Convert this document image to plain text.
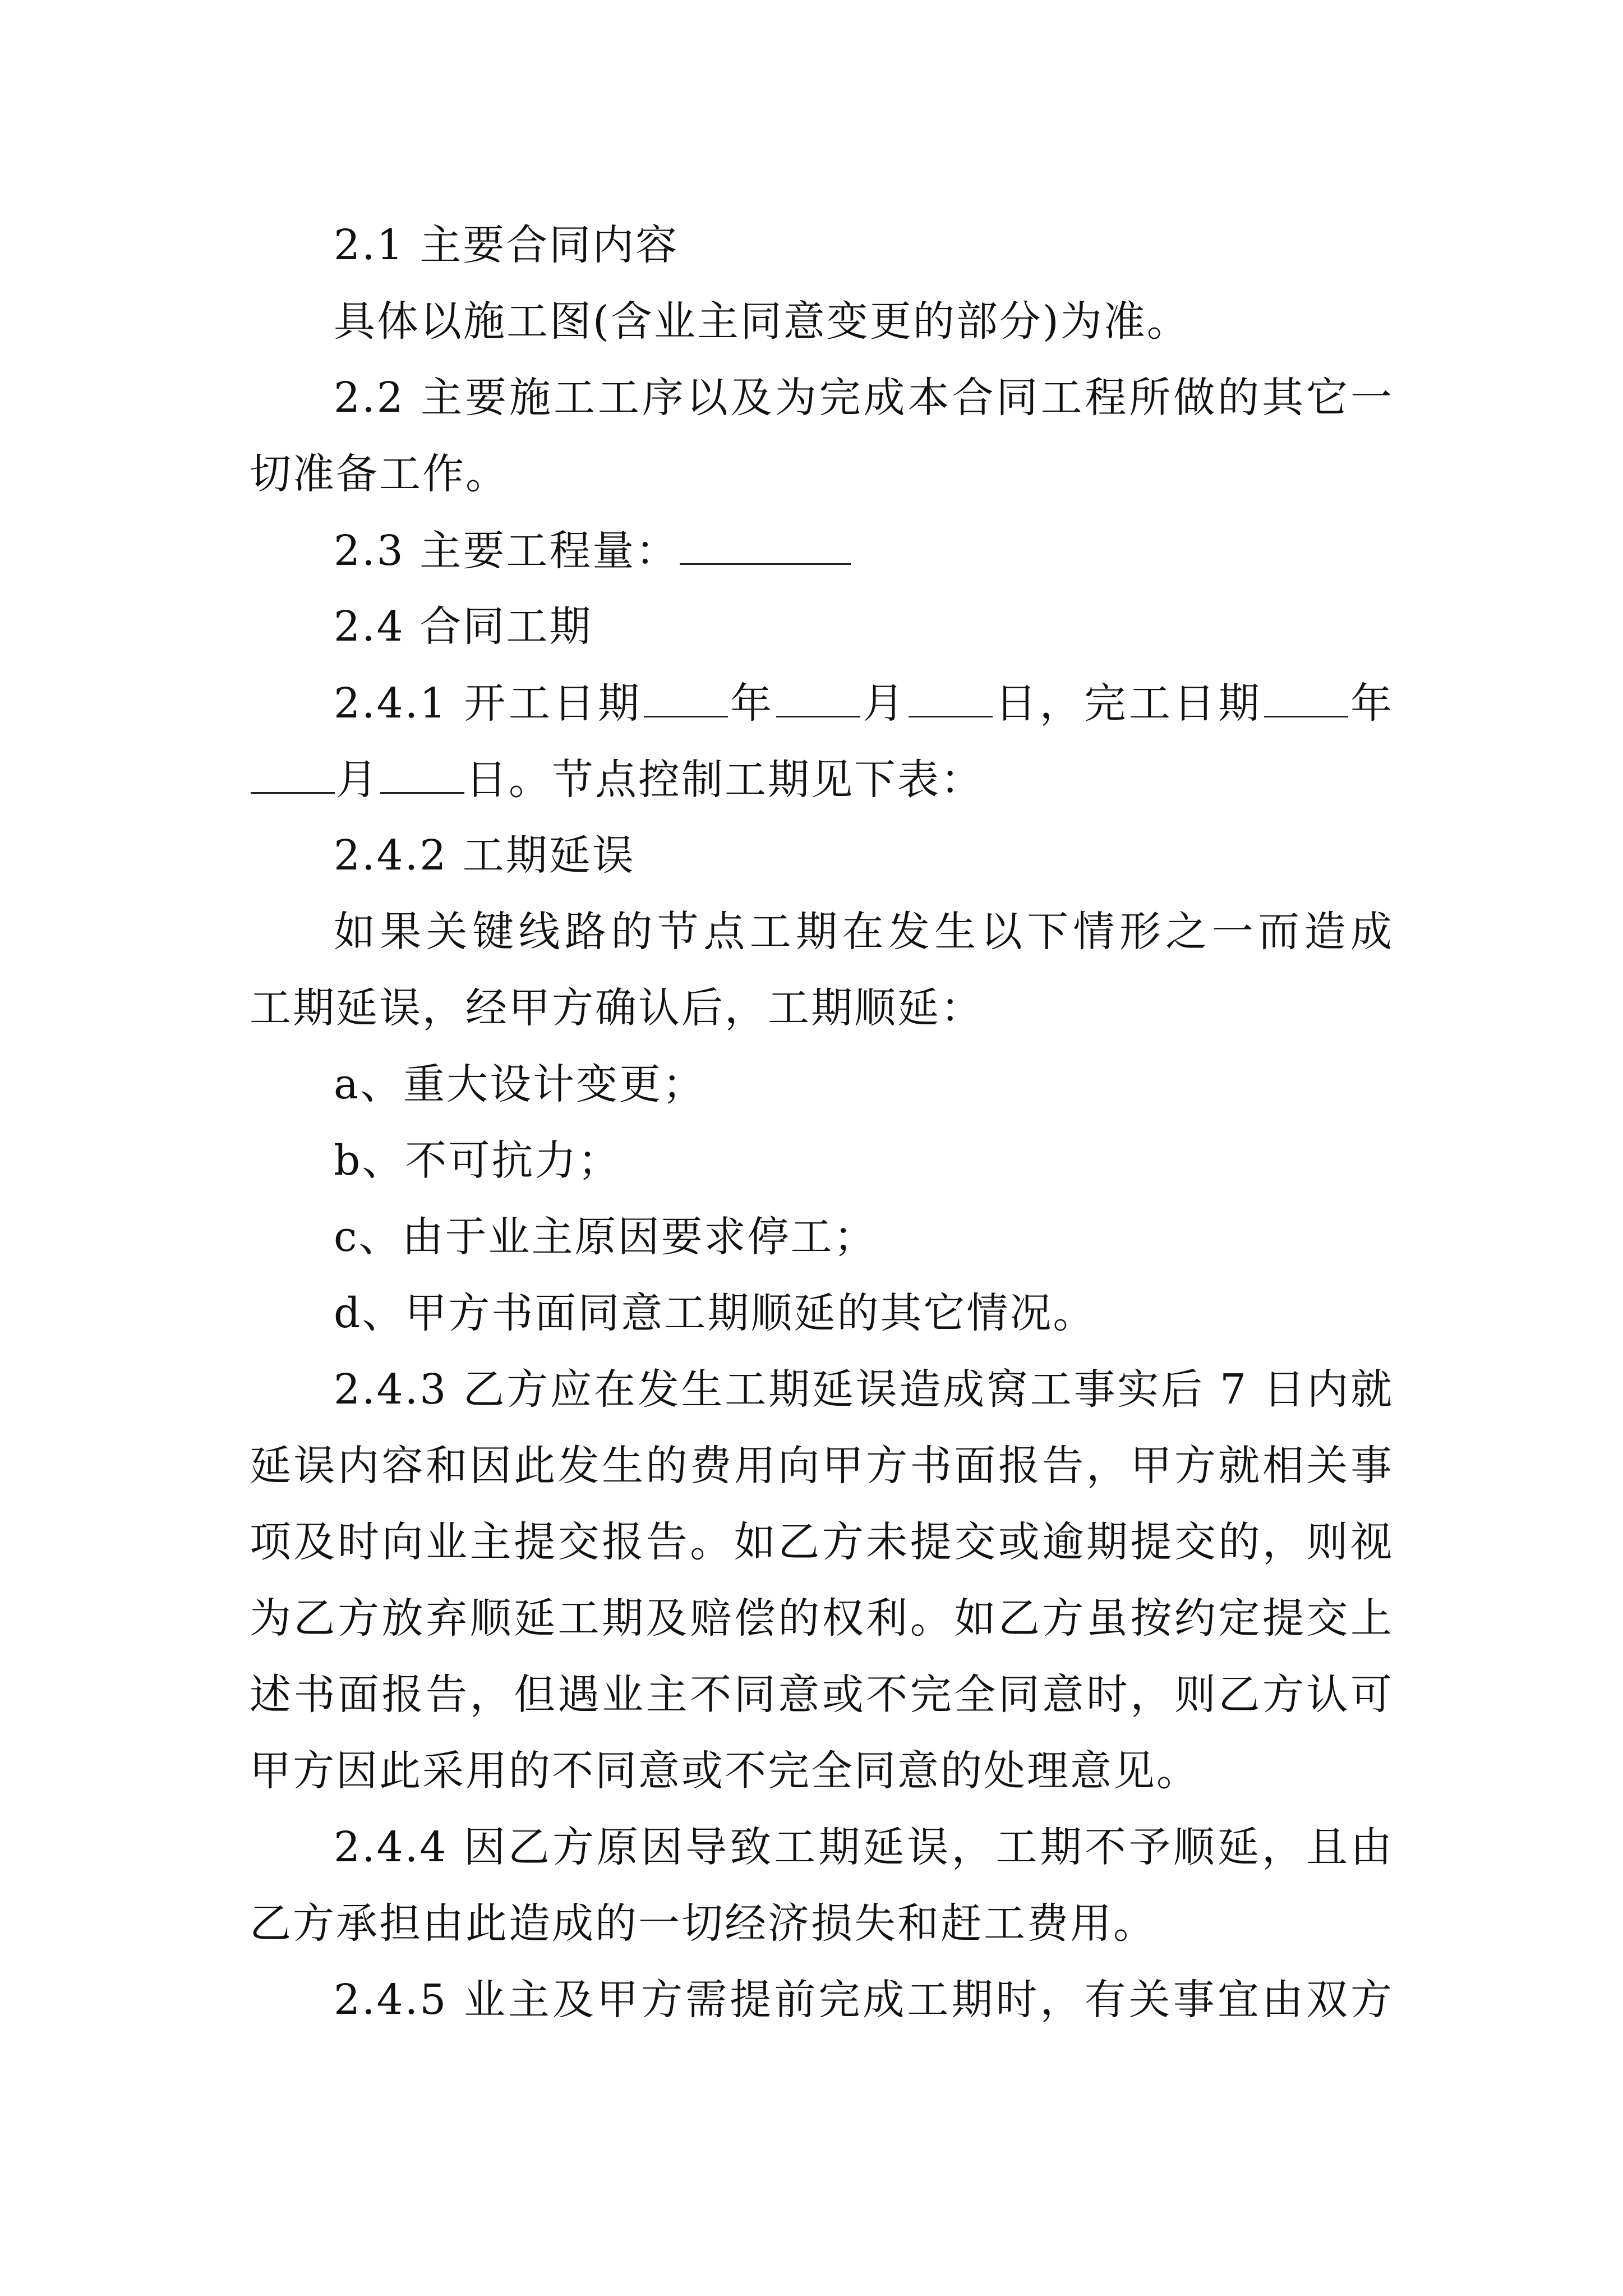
2.1 主要合同内容
具体以施工图(含业主同意变更的部分)为准。
2.2 主要施工工序以及为完成本合同工程所做的其它一
切准备工作。
2.3 主要工程量：
2.4 合同工期
2.4.1 开工日期 年 月 日，完工日期 年
月 日。节点控制工期见下表：
2.4.2 工期延误
如果关键线路的节点工期在发生以下情形之一而造成
工期延误，经甲方确认后，工期顺延：
a、重大设计变更；
b、不可抗力；
c、由于业主原因要求停工；
d、甲方书面同意工期顺延的其它情况。
2.4.3 乙方应在发生工期延误造成窝工事实后 7 日内就
延误内容和因此发生的费用向甲方书面报告，甲方就相关事
项及时向业主提交报告。如乙方未提交或逾期提交的，则视
为乙方放弃顺延工期及赔偿的权利。如乙方虽按约定提交上
述书面报告，但遇业主不同意或不完全同意时，则乙方认可
甲方因此采用的不同意或不完全同意的处理意见。
2.4.4 因乙方原因导致工期延误，工期不予顺延，且由
乙方承担由此造成的一切经济损失和赶工费用。
2.4.5 业主及甲方需提前完成工期时，有关事宜由双方
